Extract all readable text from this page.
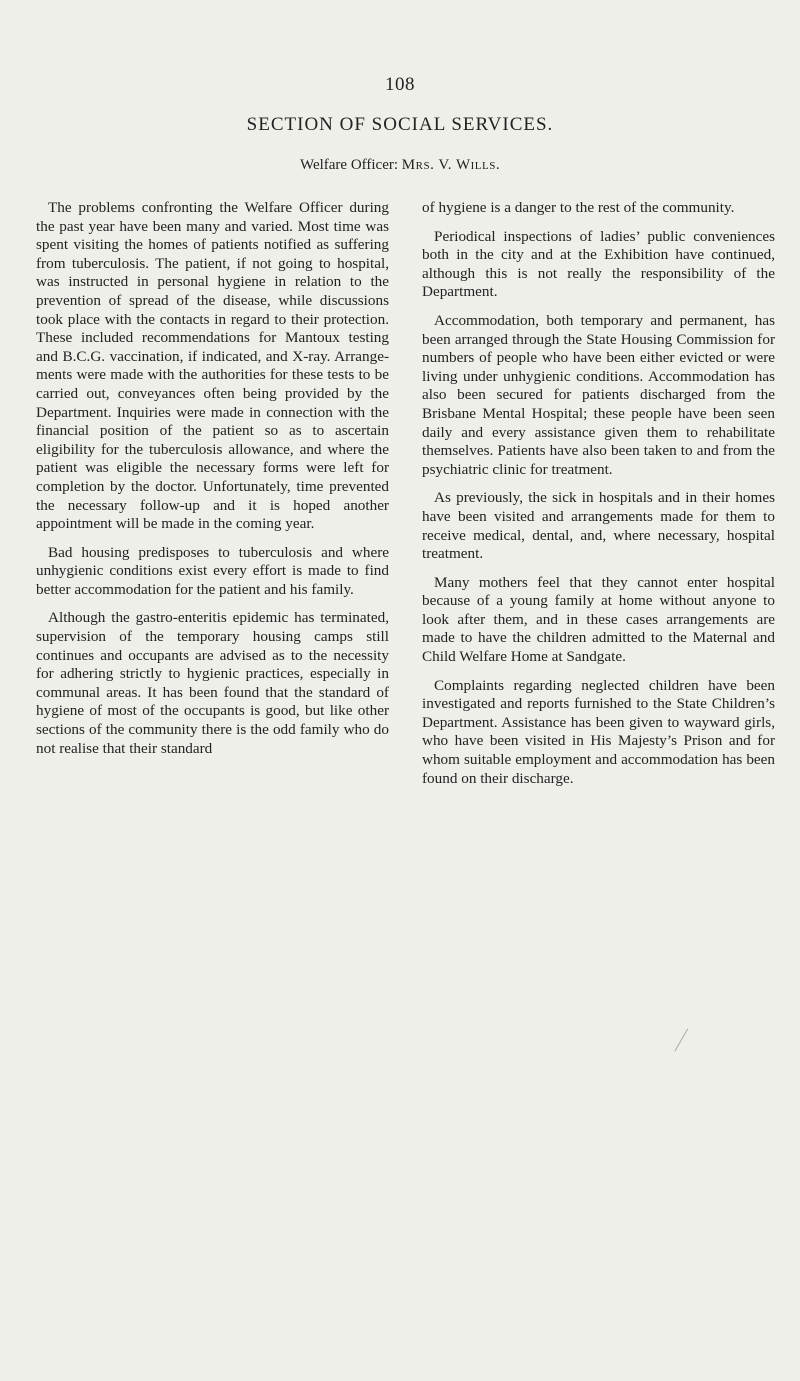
108
SECTION OF SOCIAL SERVICES.
Welfare Officer: Mrs. V. Wills.

The problems confronting the Welfare Officer during the past year have been many and varied. Most time was spent visiting the homes of patients notified as suffering from tuberculosis. The patient, if not going to hospital, was instructed in personal hygiene in relation to the prevention of spread of the disease, while discussions took place with the contacts in regard to their protection. These included recommendations for Mantoux testing and B.C.G. vaccination, if indicated, and X-ray. Arrangements were made with the authorities for these tests to be carried out, conveyances often being provided by the Department. Inquiries were made in connection with the financial position of the patient so as to ascertain eligibility for the tuberculosis allowance, and where the patient was eligible the necessary forms were left for completion by the doctor. Unfortunately, time prevented the necessary follow-up and it is hoped another appointment will be made in the coming year.

Bad housing predisposes to tuberculosis and where unhygienic conditions exist every effort is made to find better accommodation for the patient and his family.

Although the gastro-enteritis epidemic has terminated, supervision of the temporary housing camps still continues and occupants are advised as to the necessity for adhering strictly to hygienic practices, especially in communal areas. It has been found that the standard of hygiene of most of the occupants is good, but like other sections of the community there is the odd family who do not realise that their standard

of hygiene is a danger to the rest of the community.

Periodical inspections of ladies’ public conveniences both in the city and at the Exhibition have continued, although this is not really the responsibility of the Department.

Accommodation, both temporary and permanent, has been arranged through the State Housing Commission for numbers of people who have been either evicted or were living under unhygienic conditions. Accommodation has also been secured for patients discharged from the Brisbane Mental Hospital; these people have been seen daily and every assistance given them to rehabilitate themselves. Patients have also been taken to and from the psychiatric clinic for treatment.

As previously, the sick in hospitals and in their homes have been visited and arrangements made for them to receive medical, dental, and, where necessary, hospital treatment.

Many mothers feel that they cannot enter hospital because of a young family at home without anyone to look after them, and in these cases arrangements are made to have the children admitted to the Maternal and Child Welfare Home at Sandgate.

Complaints regarding neglected children have been investigated and reports furnished to the State Children’s Department. Assistance has been given to wayward girls, who have been visited in His Majesty’s Prison and for whom suitable employment and accommodation has been found on their discharge.
